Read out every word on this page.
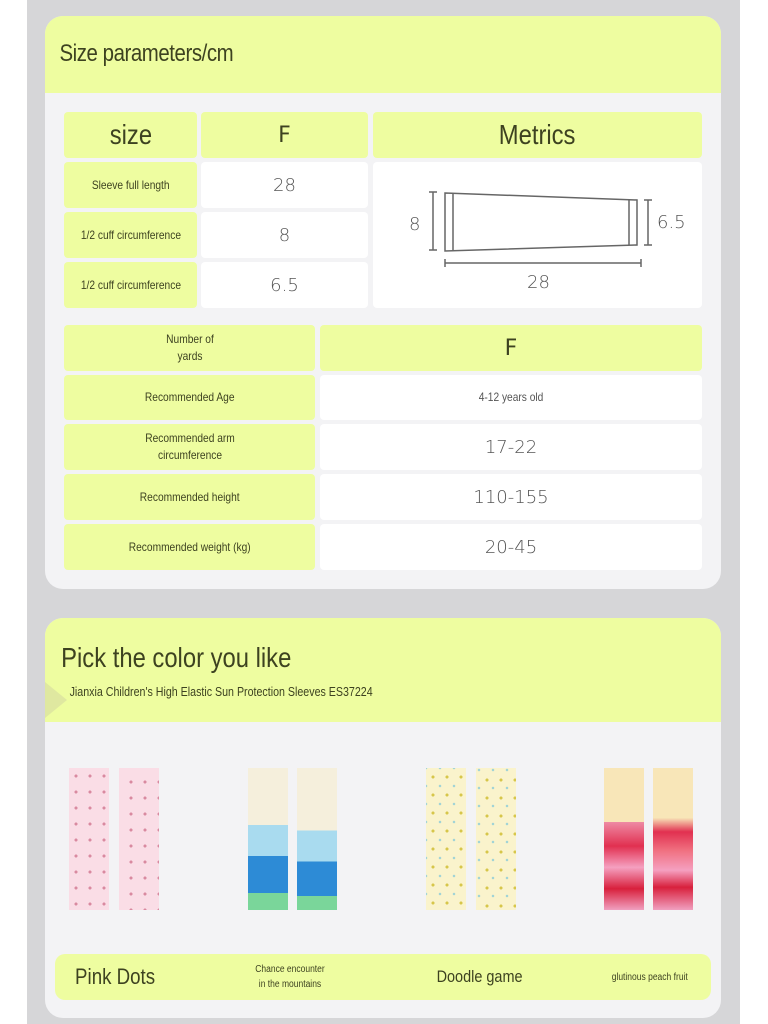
Size parameters/cm
size	F	Metrics
Sleeve full length	28
1/2 cuff circumference	8
1/2 cuff circumference	6.5
8	6.5
28
Number of yards	F
Recommended Age	4-12 years old
Recommended arm circumference	17-22
Recommended height	110-155
Recommended weight (kg)	20-45
Pick the color you like
Jianxia Children's High Elastic Sun Protection Sleeves ES37224
Pink Dots	Chance encounter in the mountains	Doodle game	glutinous peach fruit
